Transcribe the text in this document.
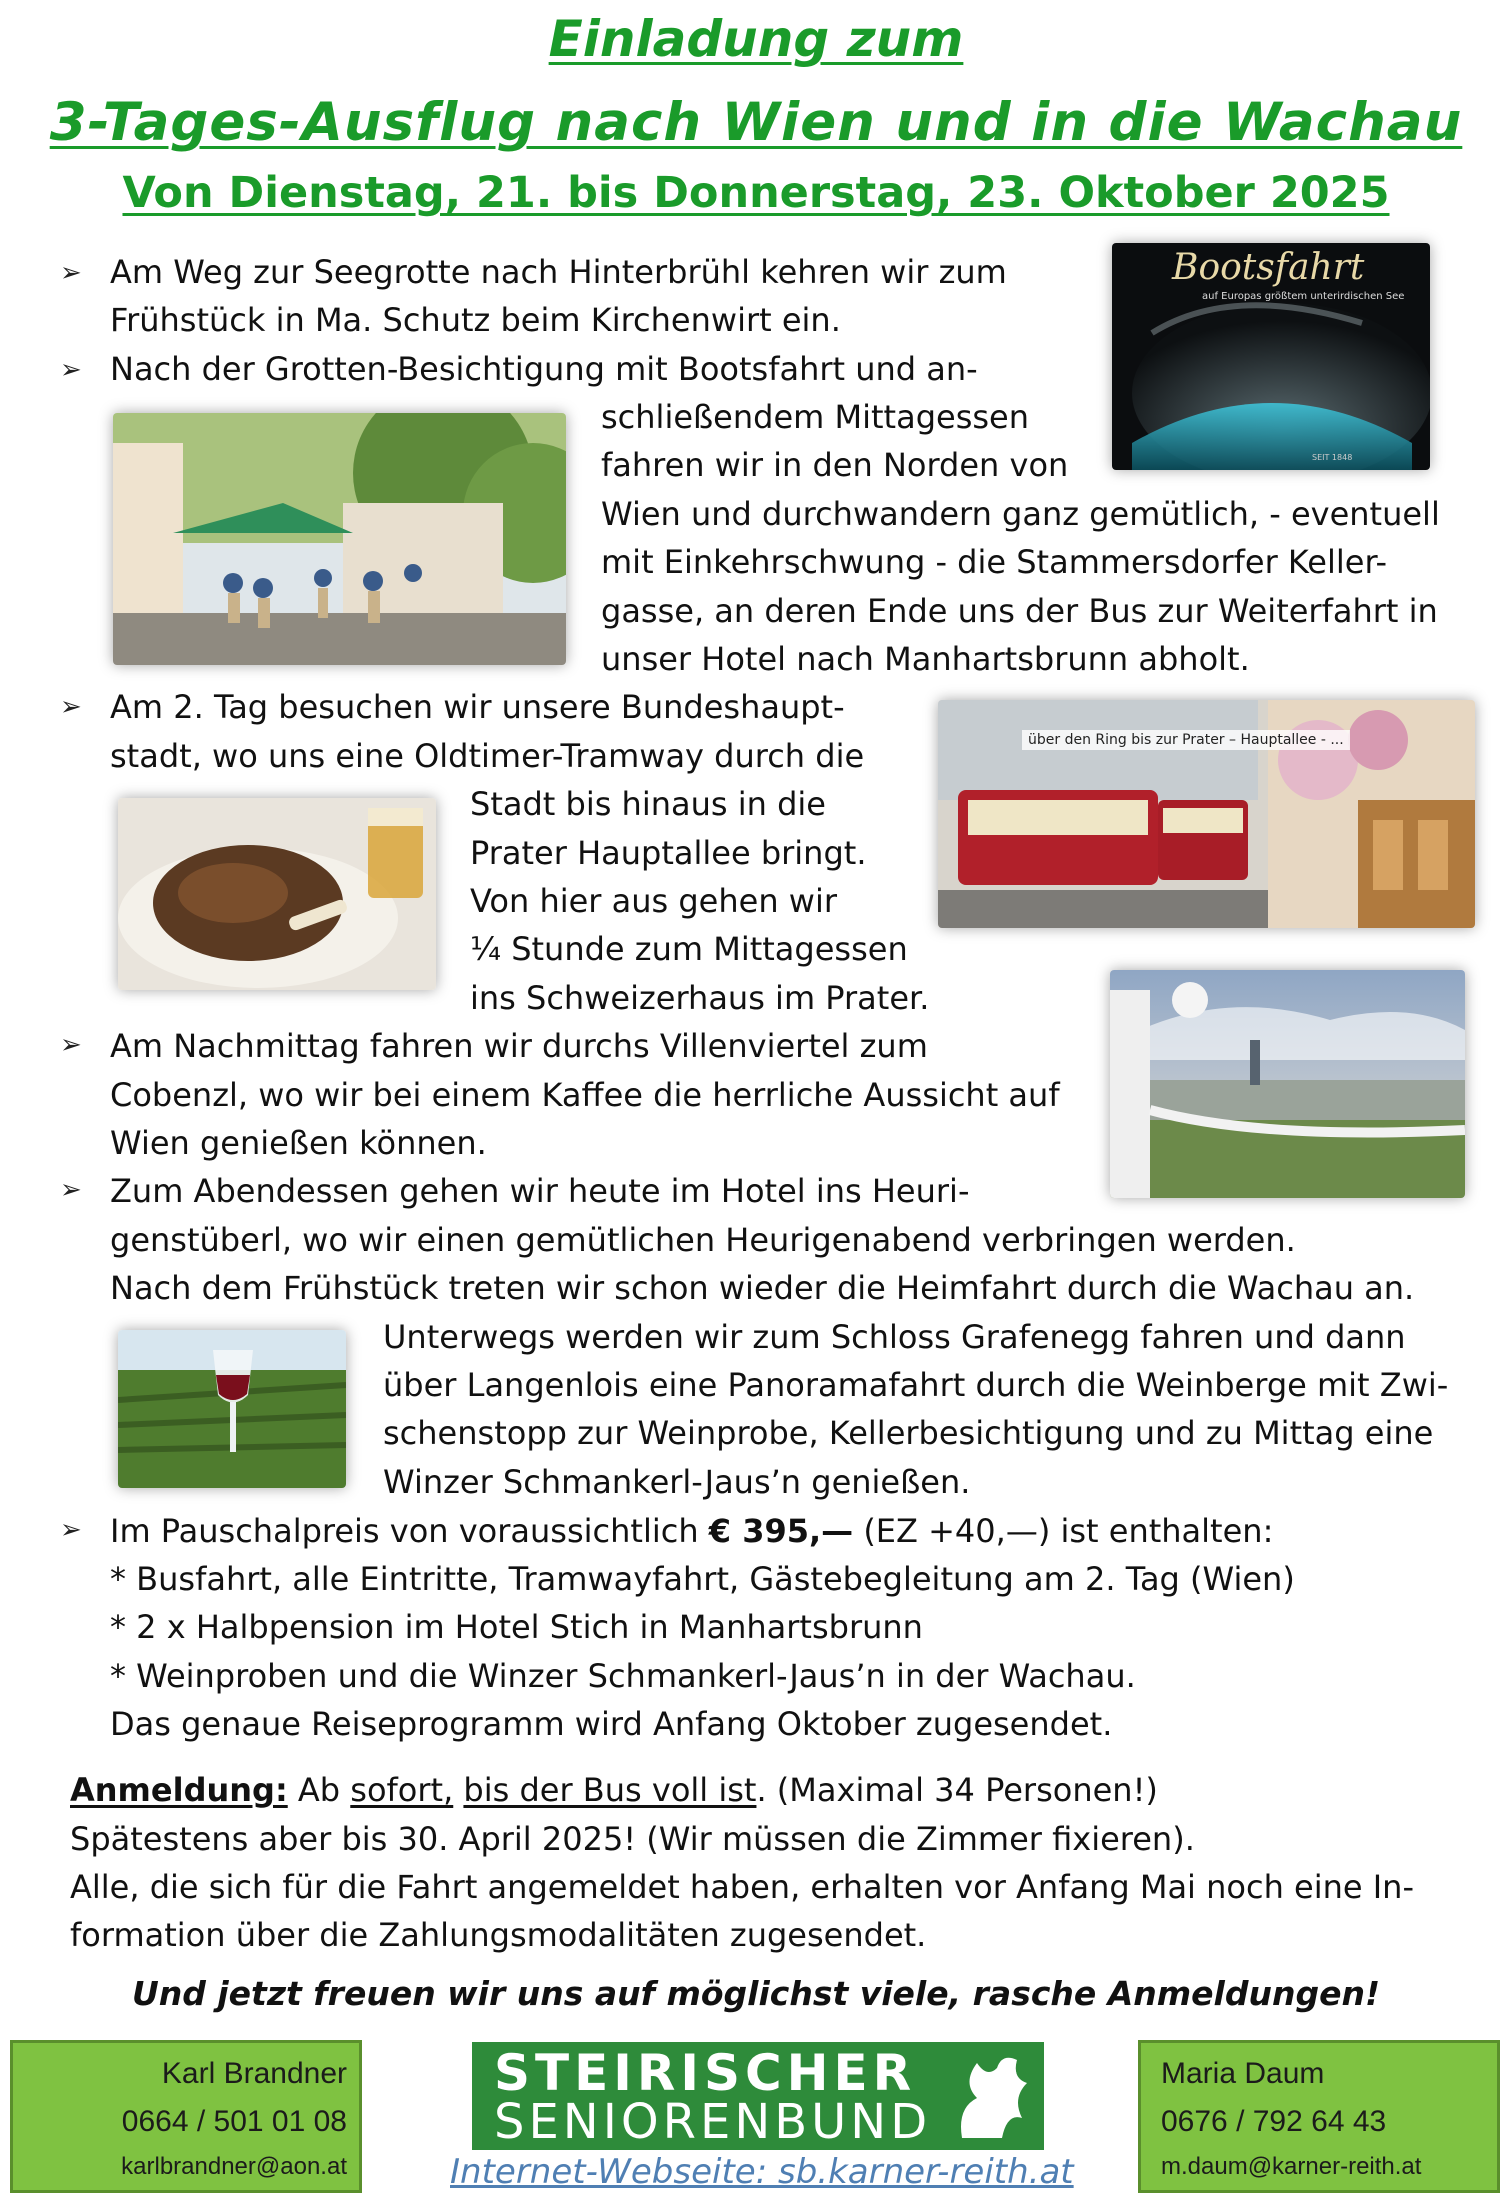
Einladung zum
3-Tages-Ausflug nach Wien und in die Wachau
Von Dienstag, 21. bis Donnerstag, 23. Oktober 2025
➢
➢
➢
➢
➢
➢
Am Weg zur Seegrotte nach Hinterbrühl kehren wir zum
Frühstück in Ma. Schutz beim Kirchenwirt ein.
Nach der Grotten-Besichtigung mit Bootsfahrt und an-
schließendem Mittagessen
fahren wir in den Norden von
Wien und durchwandern ganz gemütlich, - eventuell
mit Einkehrschwung - die Stammersdorfer Keller-
gasse, an deren Ende uns der Bus zur Weiterfahrt in
unser Hotel nach Manhartsbrunn abholt.
Am 2. Tag besuchen wir unsere Bundeshaupt-
stadt, wo uns eine Oldtimer-Tramway durch die
Stadt bis hinaus in die
Prater Hauptallee bringt.
Von hier aus gehen wir
¼ Stunde zum Mittagessen
ins Schweizerhaus im Prater.
Am Nachmittag fahren wir durchs Villenviertel zum
Cobenzl, wo wir bei einem Kaffee die herrliche Aussicht auf
Wien genießen können.
Zum Abendessen gehen wir heute im Hotel ins Heuri-
genstüberl, wo wir einen gemütlichen Heurigenabend verbringen werden.
Nach dem Frühstück treten wir schon wieder die Heimfahrt durch die Wachau an.
Unterwegs werden wir zum Schloss Grafenegg fahren und dann
über Langenlois eine Panoramafahrt durch die Weinberge mit Zwi-
schenstopp zur Weinprobe, Kellerbesichtigung und zu Mittag eine
Winzer Schmankerl-Jaus’n genießen.
Im Pauschalpreis von voraussichtlich € 395,— (EZ +40,—) ist enthalten:
* Busfahrt, alle Eintritte, Tramwayfahrt, Gästebegleitung am 2. Tag (Wien)
* 2 x Halbpension im Hotel Stich in Manhartsbrunn
* Weinproben und die Winzer Schmankerl-Jaus’n in der Wachau.
Das genaue Reiseprogramm wird Anfang Oktober zugesendet.
Anmeldung: Ab sofort, bis der Bus voll ist. (Maximal 34 Personen!)
Spätestens aber bis 30. April 2025! (Wir müssen die Zimmer fixieren).
Alle, die sich für die Fahrt angemeldet haben, erhalten vor Anfang Mai noch eine In-
formation über die Zahlungsmodalitäten zugesendet.
Und jetzt freuen wir uns auf möglichst viele, rasche Anmeldungen!
Bootsfahrt
auf Europas größtem unterirdischen See
SEIT 1848
über den Ring bis zur Prater – Hauptallee - ...
Karl Brandner
0664 / 501 01 08
karlbrandner@aon.at
STEIRISCHER
SENIORENBUND
Maria Daum
0676 / 792 64 43
m.daum@karner-reith.at
Internet-Webseite: sb.karner-reith.at
